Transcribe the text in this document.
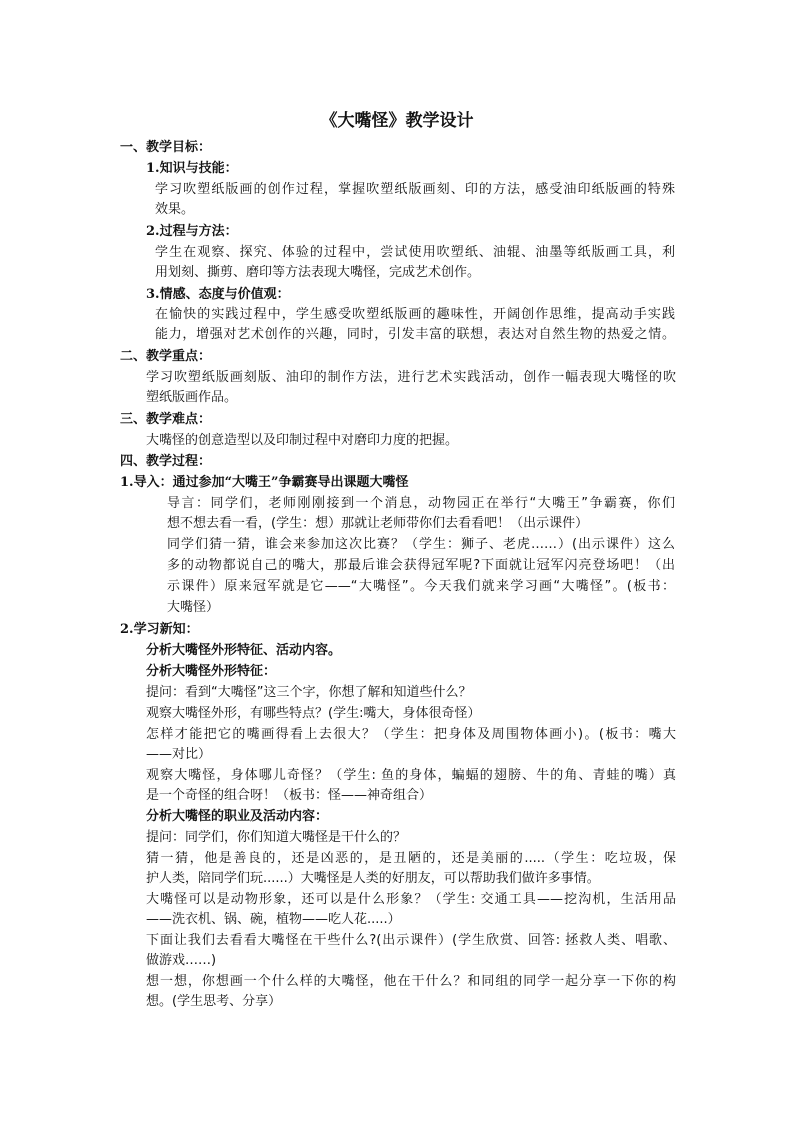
《大嘴怪》教学设计
一、教学目标：
1.知识与技能：
学习吹塑纸版画的创作过程，掌握吹塑纸版画刻、印的方法，感受油印纸版画的特殊
效果。
2.过程与方法：
学生在观察、探究、体验的过程中，尝试使用吹塑纸、油辊、油墨等纸版画工具，利
用划刻、撕剪、磨印等方法表现大嘴怪，完成艺术创作。
3.情感、态度与价值观：
在愉快的实践过程中，学生感受吹塑纸版画的趣味性，开阔创作思维，提高动手实践
能力，增强对艺术创作的兴趣，同时，引发丰富的联想，表达对自然生物的热爱之情。
二、教学重点：
学习吹塑纸版画刻版、油印的制作方法，进行艺术实践活动，创作一幅表现大嘴怪的吹
塑纸版画作品。
三、教学难点：
大嘴怪的创意造型以及印制过程中对磨印力度的把握。
四、教学过程：
1.导入：通过参加“大嘴王”争霸赛导出课题大嘴怪
导言：同学们，老师刚刚接到一个消息，动物园正在举行“大嘴王”争霸赛，你们
想不想去看一看，(学生：想）那就让老师带你们去看看吧！（出示课件）
同学们猜一猜，谁会来参加这次比赛？（学生：狮子、老虎……）(出示课件）这么
多的动物都说自己的嘴大，那最后谁会获得冠军呢?下面就让冠军闪亮登场吧！（出
示课件）原来冠军就是它——“大嘴怪”。今天我们就来学习画“大嘴怪”。(板书：
大嘴怪）
2.学习新知：
分析大嘴怪外形特征、活动内容。
分析大嘴怪外形特征：
提问：看到“大嘴怪”这三个字，你想了解和知道些什么？
观察大嘴怪外形，有哪些特点？(学生:嘴大，身体很奇怪）
怎样才能把它的嘴画得看上去很大？（学生：把身体及周围物体画小)。(板书：嘴大
——对比）
观察大嘴怪，身体哪儿奇怪？（学生: 鱼的身体，蝙蝠的翅膀、牛的角、青蛙的嘴）真
是一个奇怪的组合呀！（板书：怪——神奇组合）
分析大嘴怪的职业及活动内容：
提问：同学们，你们知道大嘴怪是干什么的？
猜一猜，他是善良的，还是凶恶的，是丑陋的，还是美丽的.....（学生：吃垃圾，保
护人类，陪同学们玩......）大嘴怪是人类的好朋友，可以帮助我们做许多事情。
大嘴怪可以是动物形象，还可以是什么形象？（学生: 交通工具——挖沟机，生活用品
——洗衣机、锅、碗，植物——吃人花.....）
下面让我们去看看大嘴怪在干些什么?(出示课件）(学生欣赏、回答: 拯救人类、唱歌、
做游戏……)
想一想，你想画一个什么样的大嘴怪，他在干什么？和同组的同学一起分享一下你的构
想。(学生思考、分享）
